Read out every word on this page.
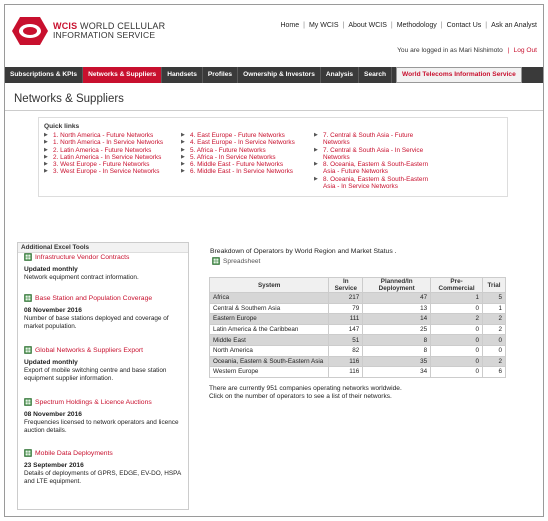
WCIS WORLD CELLULAR
INFORMATION SERVICE
Home | My WCIS | About WCIS | Methodology | Contact Us | Ask an Analyst
You are logged in as Mari Nishimoto | Log Out
Subscriptions & KPIs	Networks & Suppliers	Handsets	Profiles	Ownership & Investors	Analysis	Search	World Telecoms Information Service
Networks & Suppliers
Quick links
▶ 1. North America - Future Networks
▶ 1. North America - In Service Networks
▶ 2. Latin America - Future Networks
▶ 2. Latin America - In Service Networks
▶ 3. West Europe - Future Networks
▶ 3. West Europe - In Service Networks
▶ 4. East Europe - Future Networks
▶ 4. East Europe - In Service Networks
▶ 5. Africa - Future Networks
▶ 5. Africa - In Service Networks
▶ 6. Middle East - Future Networks
▶ 6. Middle East - In Service Networks
▶ 7. Central & South Asia - Future Networks
▶ 7. Central & South Asia - In Service Networks
▶ 8. Oceania, Eastern & South-Eastern Asia - Future Networks
▶ 8. Oceania, Eastern & South-Eastern Asia - In Service Networks
Additional Excel Tools
Infrastructure Vendor Contracts
Updated monthly
Network equipment contract information.
Base Station and Population Coverage
08 November 2016
Number of base stations deployed and coverage of market population.
Global Networks & Suppliers Export
Updated monthly
Export of mobile switching centre and base station equipment supplier information.
Spectrum Holdings & Licence Auctions
08 November 2016
Frequencies licensed to network operators and licence auction details.
Mobile Data Deployments
23 September 2016
Details of deployments of GPRS, EDGE, EV-DO, HSPA and LTE equipment.
Breakdown of Operators by World Region and Market Status .
Spreadsheet
System	In Service	Planned/In Deployment	Pre-Commercial	Trial
Africa	217	47	1	5
Central & Southern Asia	79	13	0	1
Eastern Europe	111	14	2	2
Latin America & the Caribbean	147	25	0	2
Middle East	51	8	0	0
North America	82	8	0	0
Oceania, Eastern & South-Eastern Asia	116	35	0	2
Western Europe	116	34	0	6
There are currently 951 companies operating networks worldwide.
Click on the number of operators to see a list of their networks.
